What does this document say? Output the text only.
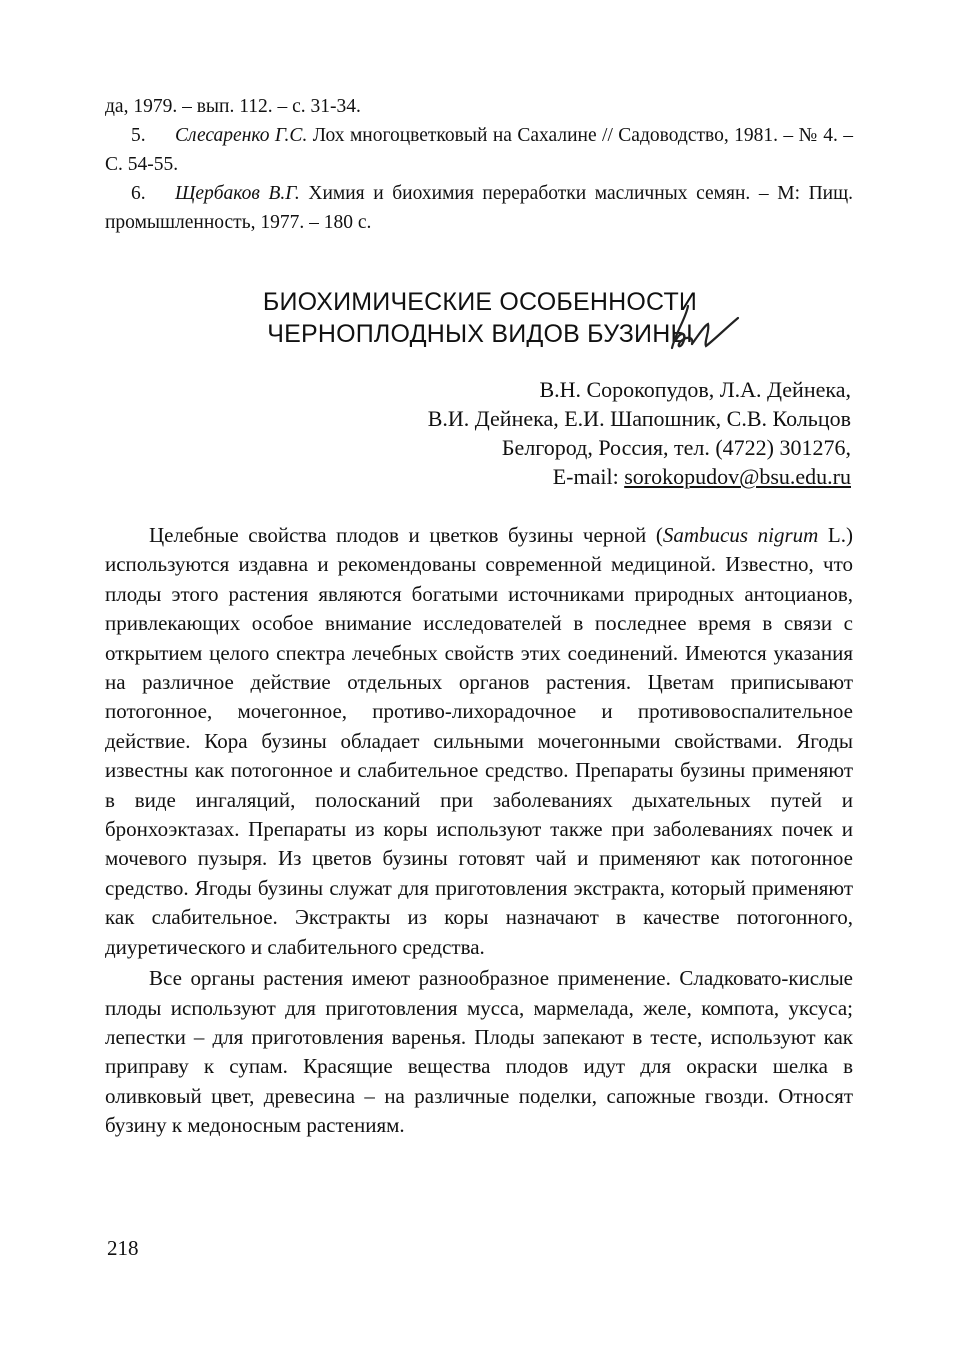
да, 1979. – вып. 112. – с. 31-34.

5. Слесаренко Г.С. Лох многоцветковый на Сахалине // Садоводство, 1981. – № 4. – С. 54-55.

6. Щербаков В.Г. Химия и биохимия переработки масличных семян. – М: Пищ. промышленность, 1977. – 180 с.

БИОХИМИЧЕСКИЕ ОСОБЕННОСТИ
ЧЕРНОПЛОДНЫХ ВИДОВ БУЗИНЫ
В.Н. Сорокопудов, Л.А. Дейнека,
В.И. Дейнека, Е.И. Шапошник, С.В. Кольцов
Белгород, Россия, тел. (4722) 301276,
E-mail: sorokopudov@bsu.edu.ru

Целебные свойства плодов и цветков бузины черной (Sambucus nigrum L.) используются издавна и рекомендованы современной медициной. Известно, что плоды этого растения являются богатыми источниками природных антоцианов, привлекающих особое внимание исследователей в последнее время в связи с открытием целого спектра лечебных свойств этих соединений. Имеются указания на различное действие отдельных органов растения. Цветам приписывают потогонное, мочегонное, противо-лихорадочное и противовоспалительное действие. Кора бузины обладает сильными мочегонными свойствами. Ягоды известны как потогонное и слабительное средство. Препараты бузины применяют в виде ингаляций, полосканий при заболеваниях дыхательных путей и бронхоэктазах. Препараты из коры используют также при заболеваниях почек и мочевого пузыря. Из цветов бузины готовят чай и применяют как потогонное средство. Ягоды бузины служат для приготовления экстракта, который применяют как слабительное. Экстракты из коры назначают в качестве потогонного, диуретического и слабительного средства.

Все органы растения имеют разнообразное применение. Сладковато-кислые плоды используют для приготовления мусса, мармелада, желе, компота, уксуса; лепестки – для приготовления варенья. Плоды запекают в тесте, используют как приправу к супам. Красящие вещества плодов идут для окраски шелка в оливковый цвет, древесина – на различные поделки, сапожные гвозди. Относят бузину к медоносным растениям.

218
